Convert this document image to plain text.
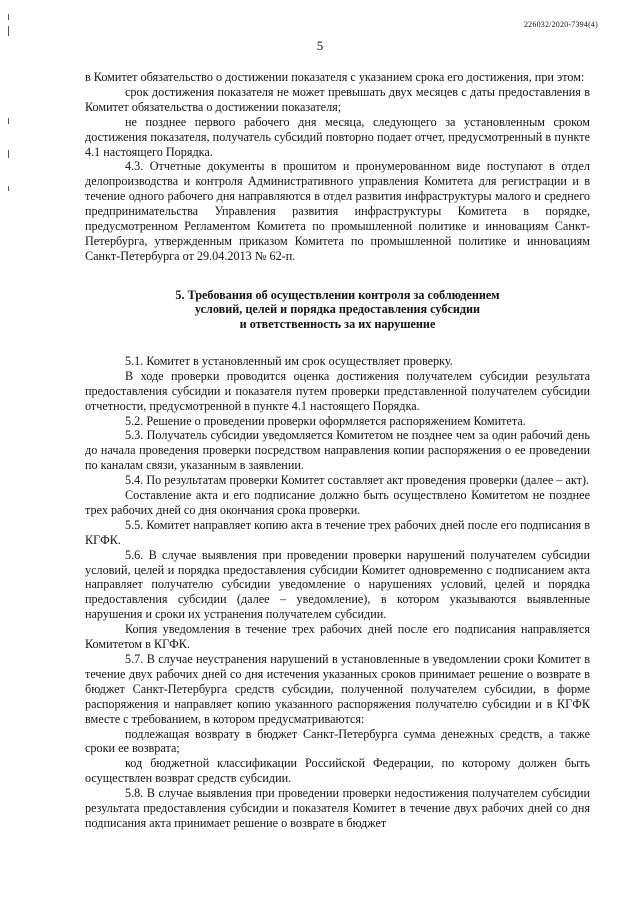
226032/2020-7394(4)
5

в Комитет обязательство о достижении показателя с указанием срока его достижения, при этом:

срок достижения показателя не может превышать двух месяцев с даты предоставления в Комитет обязательства о достижении показателя;

не позднее первого рабочего дня месяца, следующего за установленным сроком достижения показателя, получатель субсидий повторно подает отчет, предусмотренный в пункте 4.1 настоящего Порядка.

4.3. Отчетные документы в прошитом и пронумерованном виде поступают в отдел делопроизводства и контроля Административного управления Комитета для регистрации и в течение одного рабочего дня направляются в отдел развития инфраструктуры малого и среднего предпринимательства Управления развития инфраструктуры Комитета в порядке, предусмотренном Регламентом Комитета по промышленной политике и инновациям Санкт-Петербурга, утвержденным приказом Комитета по промышленной политике и инновациям Санкт-Петербурга от 29.04.2013 № 62-п.

5. Требования об осуществлении контроля за соблюдением
условий, целей и порядка предоставления субсидии
и ответственность за их нарушение

5.1. Комитет в установленный им срок осуществляет проверку.

В ходе проверки проводится оценка достижения получателем субсидии результата предоставления субсидии и показателя путем проверки представленной получателем субсидии отчетности, предусмотренной в пункте 4.1 настоящего Порядка.

5.2. Решение о проведении проверки оформляется распоряжением Комитета.

5.3. Получатель субсидии уведомляется Комитетом не позднее чем за один рабочий день до начала проведения проверки посредством направления копии распоряжения о ее проведении по каналам связи, указанным в заявлении.

5.4. По результатам проверки Комитет составляет акт проведения проверки (далее – акт).

Составление акта и его подписание должно быть осуществлено Комитетом не позднее трех рабочих дней со дня окончания срока проверки.

5.5. Комитет направляет копию акта в течение трех рабочих дней после его подписания в КГФК.

5.6. В случае выявления при проведении проверки нарушений получателем субсидии условий, целей и порядка предоставления субсидии Комитет одновременно с подписанием акта направляет получателю субсидии уведомление о нарушениях условий, целей и порядка предоставления субсидии (далее – уведомление), в котором указываются выявленные нарушения и сроки их устранения получателем субсидии.

Копия уведомления в течение трех рабочих дней после его подписания направляется Комитетом в КГФК.

5.7. В случае неустранения нарушений в установленные в уведомлении сроки Комитет в течение двух рабочих дней со дня истечения указанных сроков принимает решение о возврате в бюджет Санкт-Петербурга средств субсидии, полученной получателем субсидии, в форме распоряжения и направляет копию указанного распоряжения получателю субсидии и в КГФК вместе с требованием, в котором предусматриваются:

подлежащая возврату в бюджет Санкт-Петербурга сумма денежных средств, а также сроки ее возврата;

код бюджетной классификации Российской Федерации, по которому должен быть осуществлен возврат средств субсидии.

5.8. В случае выявления при проведении проверки недостижения получателем субсидии результата предоставления субсидии и показателя Комитет в течение двух рабочих дней со дня подписания акта принимает решение о возврате в бюджет
